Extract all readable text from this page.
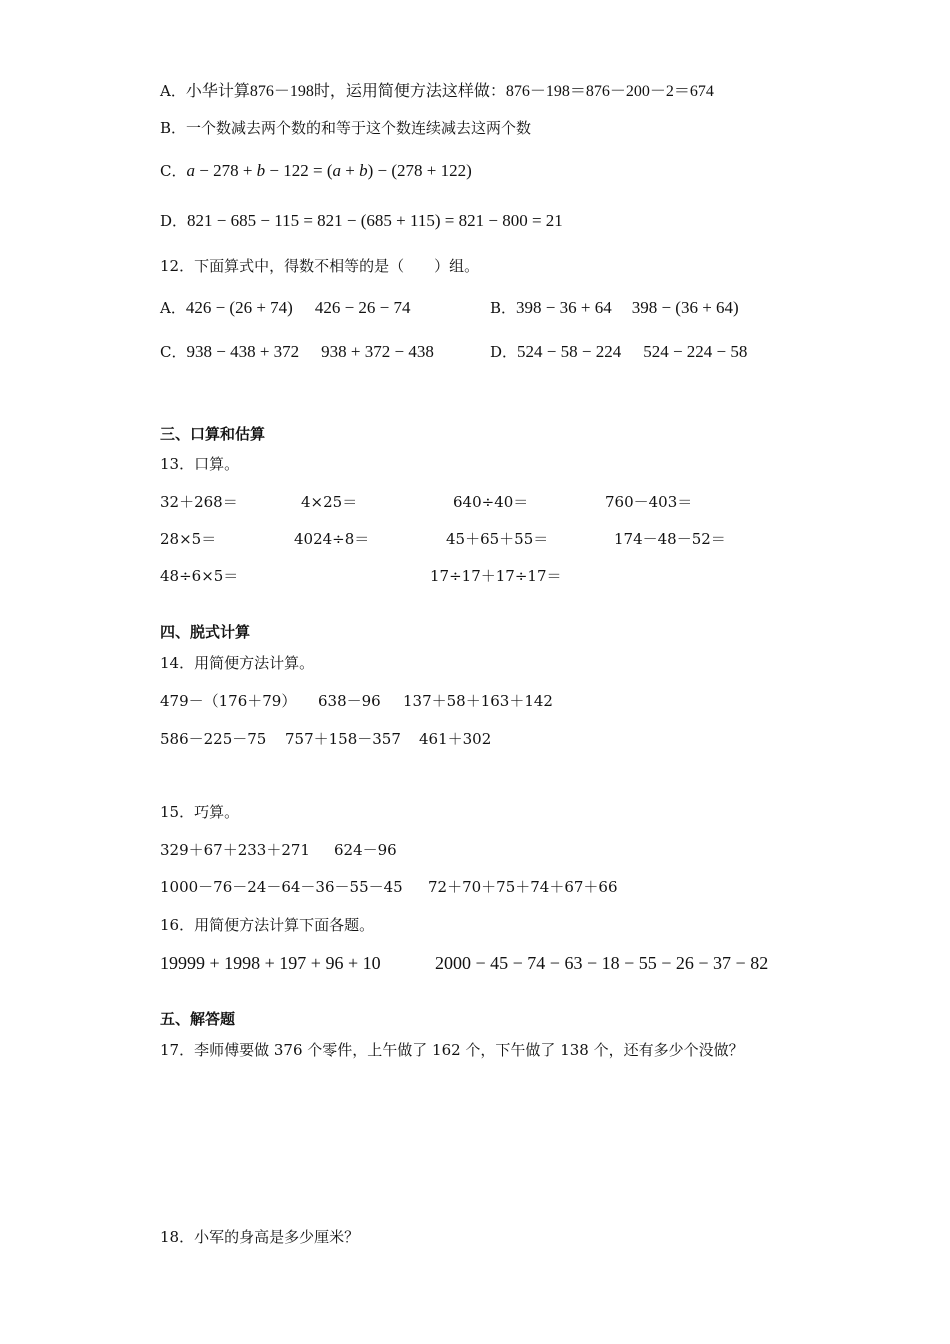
A．小华计算876－198时，运用简便方法这样做：876－198＝876－200－2＝674
B．一个数减去两个数的和等于这个数连续减去这两个数
C．a − 278 + b − 122 = (a + b) − (278 + 122)
D．821 − 685 − 115 = 821 − (685 + 115) = 821 − 800 = 21
12．下面算式中，得数不相等的是（　　）组。
A．426 − (26 + 74) 426 − 26 − 74	B．398 − 36 + 64 398 − (36 + 64)
C．938 − 438 + 372 938 + 372 − 438	D．524 − 58 − 224 524 − 224 − 58
三、口算和估算
13．口算。
32＋268＝	4×25＝	640÷40＝	760－403＝
28×5＝	4024÷8＝	45＋65＋55＝	174－48－52＝
48÷6×5＝	17÷17＋17÷17＝
四、脱式计算
14．用简便方法计算。
479－（176＋79） 638－96 137＋58＋163＋142
586－225－75 757＋158－357 461＋302
15．巧算。
329＋67＋233＋271 624－96
1000－76－24－64－36－55－45 72＋70＋75＋74＋67＋66
16．用简便方法计算下面各题。
19999 + 1998 + 197 + 96 + 10	2000 − 45 − 74 − 63 − 18 − 55 − 26 − 37 − 82
五、解答题
17．李师傅要做 376 个零件，上午做了 162 个，下午做了 138 个，还有多少个没做？
18．小军的身高是多少厘米？
